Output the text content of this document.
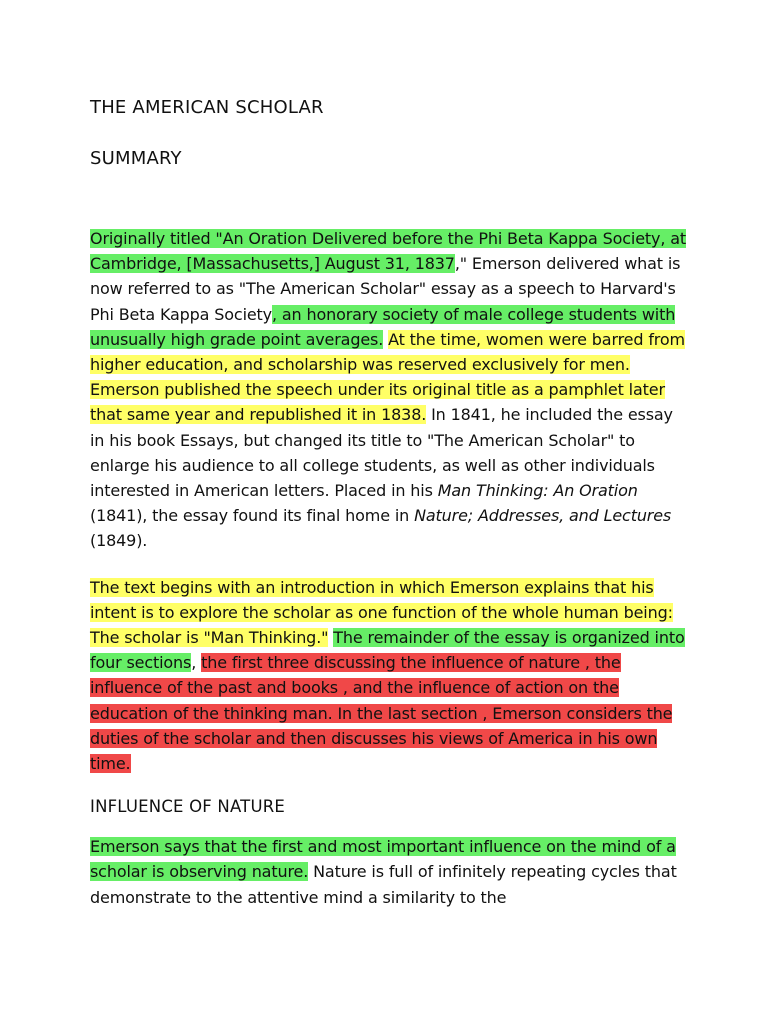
THE AMERICAN SCHOLAR
SUMMARY

Originally titled "An Oration Delivered before the Phi Beta Kappa Society, at Cambridge, [Massachusetts,] August 31, 1837," Emerson delivered what is now referred to as "The American Scholar" essay as a speech to Harvard's Phi Beta Kappa Society, an honorary society of male college students with unusually high grade point averages. At the time, women were barred from higher education, and scholarship was reserved exclusively for men. Emerson published the speech under its original title as a pamphlet later that same year and republished it in 1838. In 1841, he included the essay in his book Essays, but changed its title to "The American Scholar" to enlarge his audience to all college students, as well as other individuals interested in American letters. Placed in his Man Thinking: An Oration (1841), the essay found its final home in Nature; Addresses, and Lectures (1849).

The text begins with an introduction in which Emerson explains that his intent is to explore the scholar as one function of the whole human being: The scholar is "Man Thinking." The remainder of the essay is organized into four sections, the first three discussing the influence of nature , the influence of the past and books , and the influence of action on the education of the thinking man. In the last section , Emerson considers the duties of the scholar and then discusses his views of America in his own time.

INFLUENCE OF NATURE

Emerson says that the first and most important influence on the mind of a scholar is observing nature. Nature is full of infinitely repeating cycles that demonstrate to the attentive mind a similarity to the
